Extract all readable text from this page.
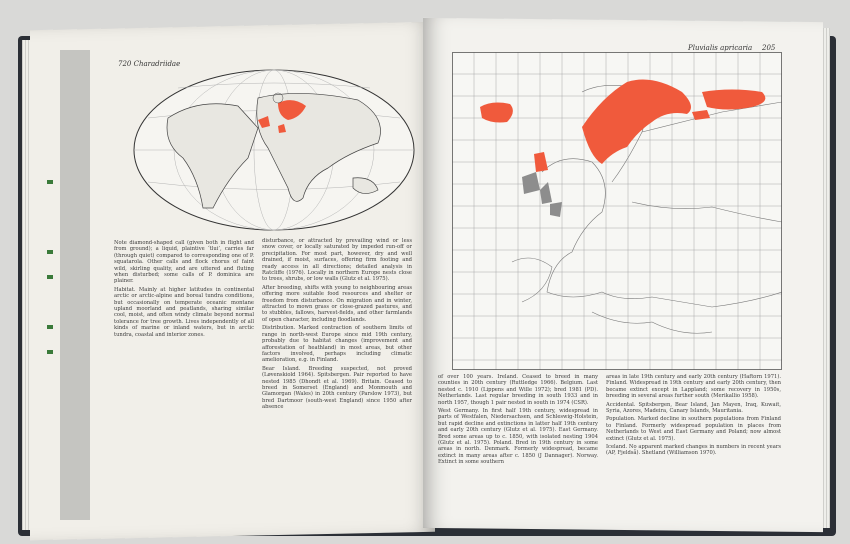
720 Charadriidae

Note diamond-shaped call (given both in flight and from ground); a liquid, plaintive ‘tlui’, carries far (through quiet) compared to corresponding one of P. squatarola. Other calls and flock chorus of faint wild, skirling quality, and are uttered and fluting when disturbed; some calls of P. dominica are plainer.

Habitat. Mainly at higher latitudes in continental arctic or arctic-alpine and boreal tundra conditions, but occasionally on temperate oceanic montane upland moorland and peatlands, sharing similar cool, moist, and often windy climate beyond normal tolerance for tree growth. Lives independently of all kinds of marine or inland waters, but in arctic tundra, coastal and interior zones.

disturbance, or attracted by prevailing wind or less snow cover, or locally saturated by impeded run-off or precipitation. For most part, however, dry and well drained, if moist, surfaces, offering firm footing and ready access in all directions; detailed analysis in Ratcliffe (1976). Locally in northern Europe nests close to trees, shrubs, or low walls (Glutz et al. 1975).

After breeding, shifts with young to neighbouring areas offering more suitable food resources and shelter or freedom from disturbance. On migration and in winter, attracted to mown grass or close-grazed pastures, and to stubbles, fallows, harvest-fields, and other farmlands of open character, including floodlands.

Distribution. Marked contraction of southern limits of range in north-west Europe since mid 19th century, probably due to habitat changes (improvement and afforestation of heathland) in most areas, but other factors involved, perhaps including climatic amelioration, e.g. in Finland.

Bear Island. Breeding suspected, not proved (Løvenskiold 1964). Spitsbergen. Pair reported to have nested 1985 (Dhondt et al. 1969). Britain. Ceased to breed in Somerset (England) and Monmouth and Glamorgan (Wales) in 20th century (Parslow 1973), but bred Dartmoor (south-west England) since 1950 after absence

Pluvialis apricaria 205

of over 100 years. Ireland. Ceased to breed in many counties in 20th century (Ruttledge 1966). Belgium. Last nested c. 1910 (Lippens and Wille 1972); bred 1981 (PD). Netherlands. Last regular breeding in south 1933 and in north 1957, though 1 pair nested in south in 1974 (CSR).

West Germany. In first half 19th century, widespread in parts of Westfalen, Niedersachsen, and Schleswig-Holstein, but rapid decline and extinctions in latter half 19th century and early 20th century (Glutz et al. 1975). East Germany. Bred some areas up to c. 1850, with isolated nesting 1904 (Glutz et al. 1975). Poland. Bred in 19th century in some areas in north. Denmark. Formerly widespread, became extinct in many areas after c. 1850 (J Dannager). Norway. Extinct in some southern

areas in late 19th century and early 20th century (Haftorn 1971). Finland. Widespread in 19th century and early 20th century, then became extinct except in Lappland; some recovery in 1950s, breeding in several areas further south (Merikallio 1958).

Accidental. Spitsbergen, Bear Island, Jan Mayen, Iraq, Kuwait, Syria, Azores, Madeira, Canary Islands, Mauritania.

Population. Marked decline in southern populations from Finland to Finland. Formerly widespread population in places from Netherlands to West and East Germany and Poland; now almost extinct (Glutz et al. 1975).

Iceland. No apparent marked changes in numbers in recent years (AP, Fjeldså). Shetland (Williamson 1970).
